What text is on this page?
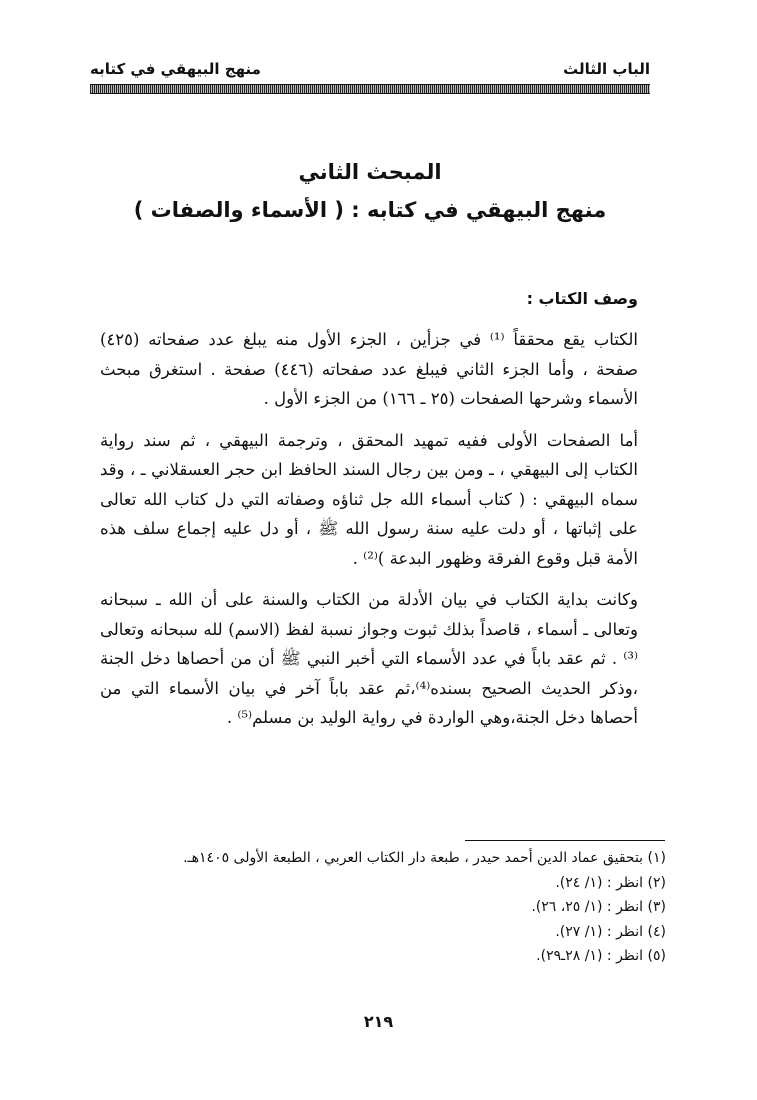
الباب الثالث
منهج البيهقي في كتابه
المبحث الثاني
منهج البيهقي في كتابه : ( الأسماء والصفات )
وصف الكتاب :

الكتاب يقع محققاً ⁽¹⁾ في جزأين ، الجزء الأول منه يبلغ عدد صفحاته (٤٢٥) صفحة ، وأما الجزء الثاني فيبلغ عدد صفحاته (٤٤٦) صفحة . استغرق مبحث الأسماء وشرحها الصفحات (٢٥ ـ ١٦٦) من الجزء الأول .

أما الصفحات الأولى ففيه تمهيد المحقق ، وترجمة البيهقي ، ثم سند رواية الكتاب إلى البيهقي ، ـ ومن بين رجال السند الحافظ ابن حجر العسقلاني ـ ، وقد سماه البيهقي : ( كتاب أسماء الله جل ثناؤه وصفاته التي دل كتاب الله تعالى على إثباتها ، أو دلت عليه سنة رسول الله ﷺ ، أو دل عليه إجماع سلف هذه الأمة قبل وقوع الفرقة وظهور البدعة )⁽²⁾ .

وكانت بداية الكتاب في بيان الأدلة من الكتاب والسنة على أن الله ـ سبحانه وتعالى ـ أسماء ، قاصداً بذلك ثبوت وجواز نسبة لفظ (الاسم) لله سبحانه وتعالى ⁽³⁾ . ثم عقد باباً في عدد الأسماء التي أخبر النبي ﷺ أن من أحصاها دخل الجنة ،وذكر الحديث الصحيح بسنده⁽⁴⁾،ثم عقد باباً آخر في بيان الأسماء التي من أحصاها دخل الجنة،وهي الواردة في رواية الوليد بن مسلم⁽⁵⁾ .

(١) بتحقيق عماد الدين أحمد حيدر ، طبعة دار الكتاب العربي ، الطبعة الأولى ١٤٠٥هـ.
(٢) انظر : (١/ ٢٤).
(٣) انظر : (١/ ٢٥، ٢٦).
(٤) انظر : (١/ ٢٧).
(٥) انظر : (١/ ٢٨ـ٢٩).
٢١٩
